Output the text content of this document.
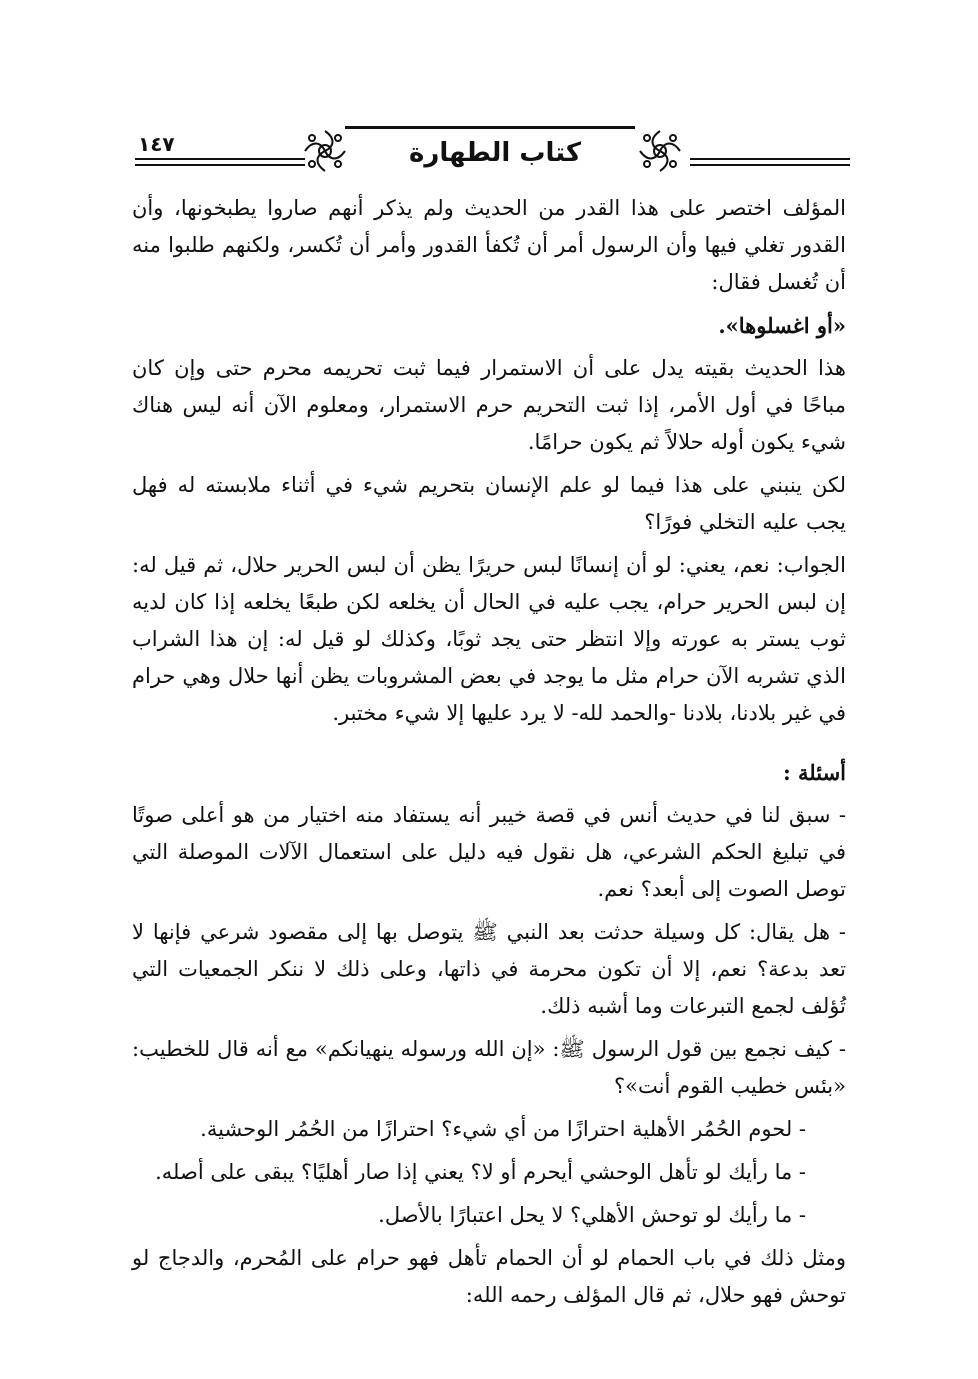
كتاب الطهارة
١٤٧

المؤلف اختصر على هذا القدر من الحديث ولم يذكر أنهم صاروا يطبخونها، وأن القدور تغلي فيها وأن الرسول أمر أن تُكفأ القدور وأمر أن تُكسر، ولكنهم طلبوا منه أن تُغسل فقال:

«أو اغسلوها».

هذا الحديث بقيته يدل على أن الاستمرار فيما ثبت تحريمه محرم حتى وإن كان مباحًا في أول الأمر، إذا ثبت التحريم حرم الاستمرار، ومعلوم الآن أنه ليس هناك شيء يكون أوله حلالاً ثم يكون حرامًا.

لكن ينبني على هذا فيما لو علم الإنسان بتحريم شيء في أثناء ملابسته له فهل يجب عليه التخلي فورًا؟

الجواب: نعم، يعني: لو أن إنسانًا لبس حريرًا يظن أن لبس الحرير حلال، ثم قيل له: إن لبس الحرير حرام، يجب عليه في الحال أن يخلعه لكن طبعًا يخلعه إذا كان لديه ثوب يستر به عورته وإلا انتظر حتى يجد ثوبًا، وكذلك لو قيل له: إن هذا الشراب الذي تشربه الآن حرام مثل ما يوجد في بعض المشروبات يظن أنها حلال وهي حرام في غير بلادنا، بلادنا -والحمد لله- لا يرد عليها إلا شيء مختبر.

أسئلة :

- سبق لنا في حديث أنس في قصة خيبر أنه يستفاد منه اختيار من هو أعلى صوتًا في تبليغ الحكم الشرعي، هل نقول فيه دليل على استعمال الآلات الموصلة التي توصل الصوت إلى أبعد؟ نعم.

- هل يقال: كل وسيلة حدثت بعد النبي ﷺ يتوصل بها إلى مقصود شرعي فإنها لا تعد بدعة؟ نعم، إلا أن تكون محرمة في ذاتها، وعلى ذلك لا ننكر الجمعيات التي تُؤلف لجمع التبرعات وما أشبه ذلك.

- كيف نجمع بين قول الرسول ﷺ: «إن الله ورسوله ينهيانكم» مع أنه قال للخطيب: «بئس خطيب القوم أنت»؟

- لحوم الحُمُر الأهلية احترازًا من أي شيء؟ احترازًا من الحُمُر الوحشية.

- ما رأيك لو تأهل الوحشي أيحرم أو لا؟ يعني إذا صار أهليًا؟ يبقى على أصله.

- ما رأيك لو توحش الأهلي؟ لا يحل اعتبارًا بالأصل.

ومثل ذلك في باب الحمام لو أن الحمام تأهل فهو حرام على المُحرم، والدجاج لو توحش فهو حلال، ثم قال المؤلف رحمه الله:
